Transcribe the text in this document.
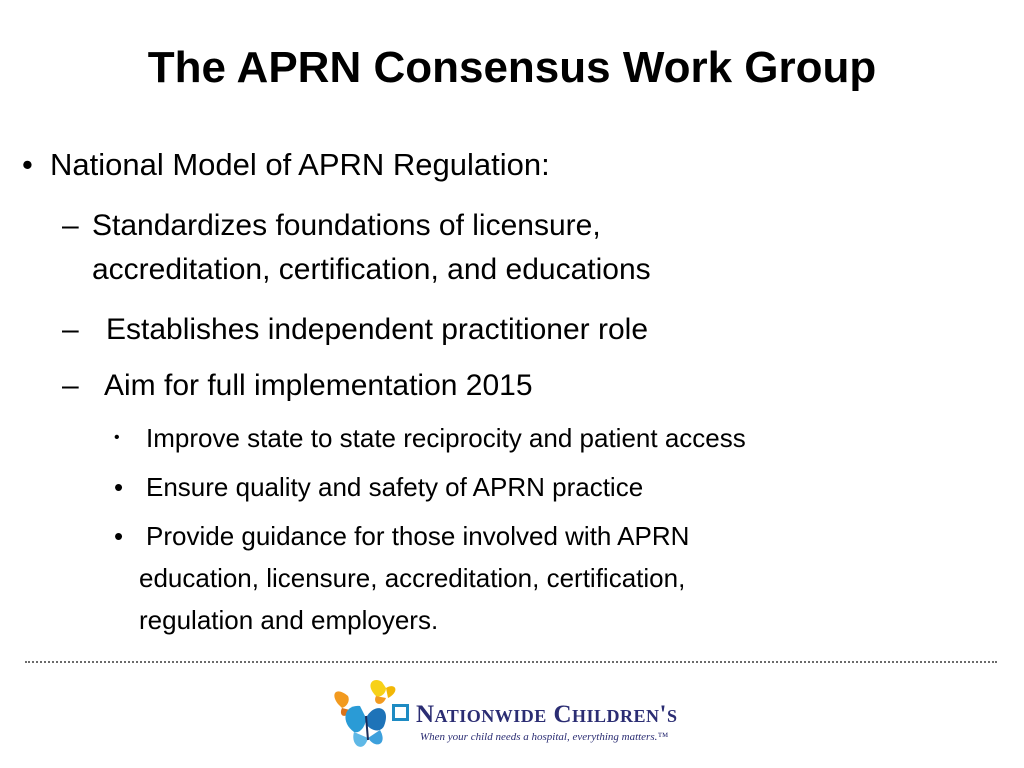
The APRN Consensus Work Group
• National Model of APRN Regulation:
– Standardizes foundations of licensure,
accreditation, certification, and educations
– Establishes independent practitioner role
– Aim for full implementation 2015
• Improve state to state reciprocity and patient access
• Ensure quality and safety of APRN practice
• Provide guidance for those involved with APRN
education, licensure, accreditation, certification,
regulation and employers.
Nationwide Children's
When your child needs a hospital, everything matters.™
